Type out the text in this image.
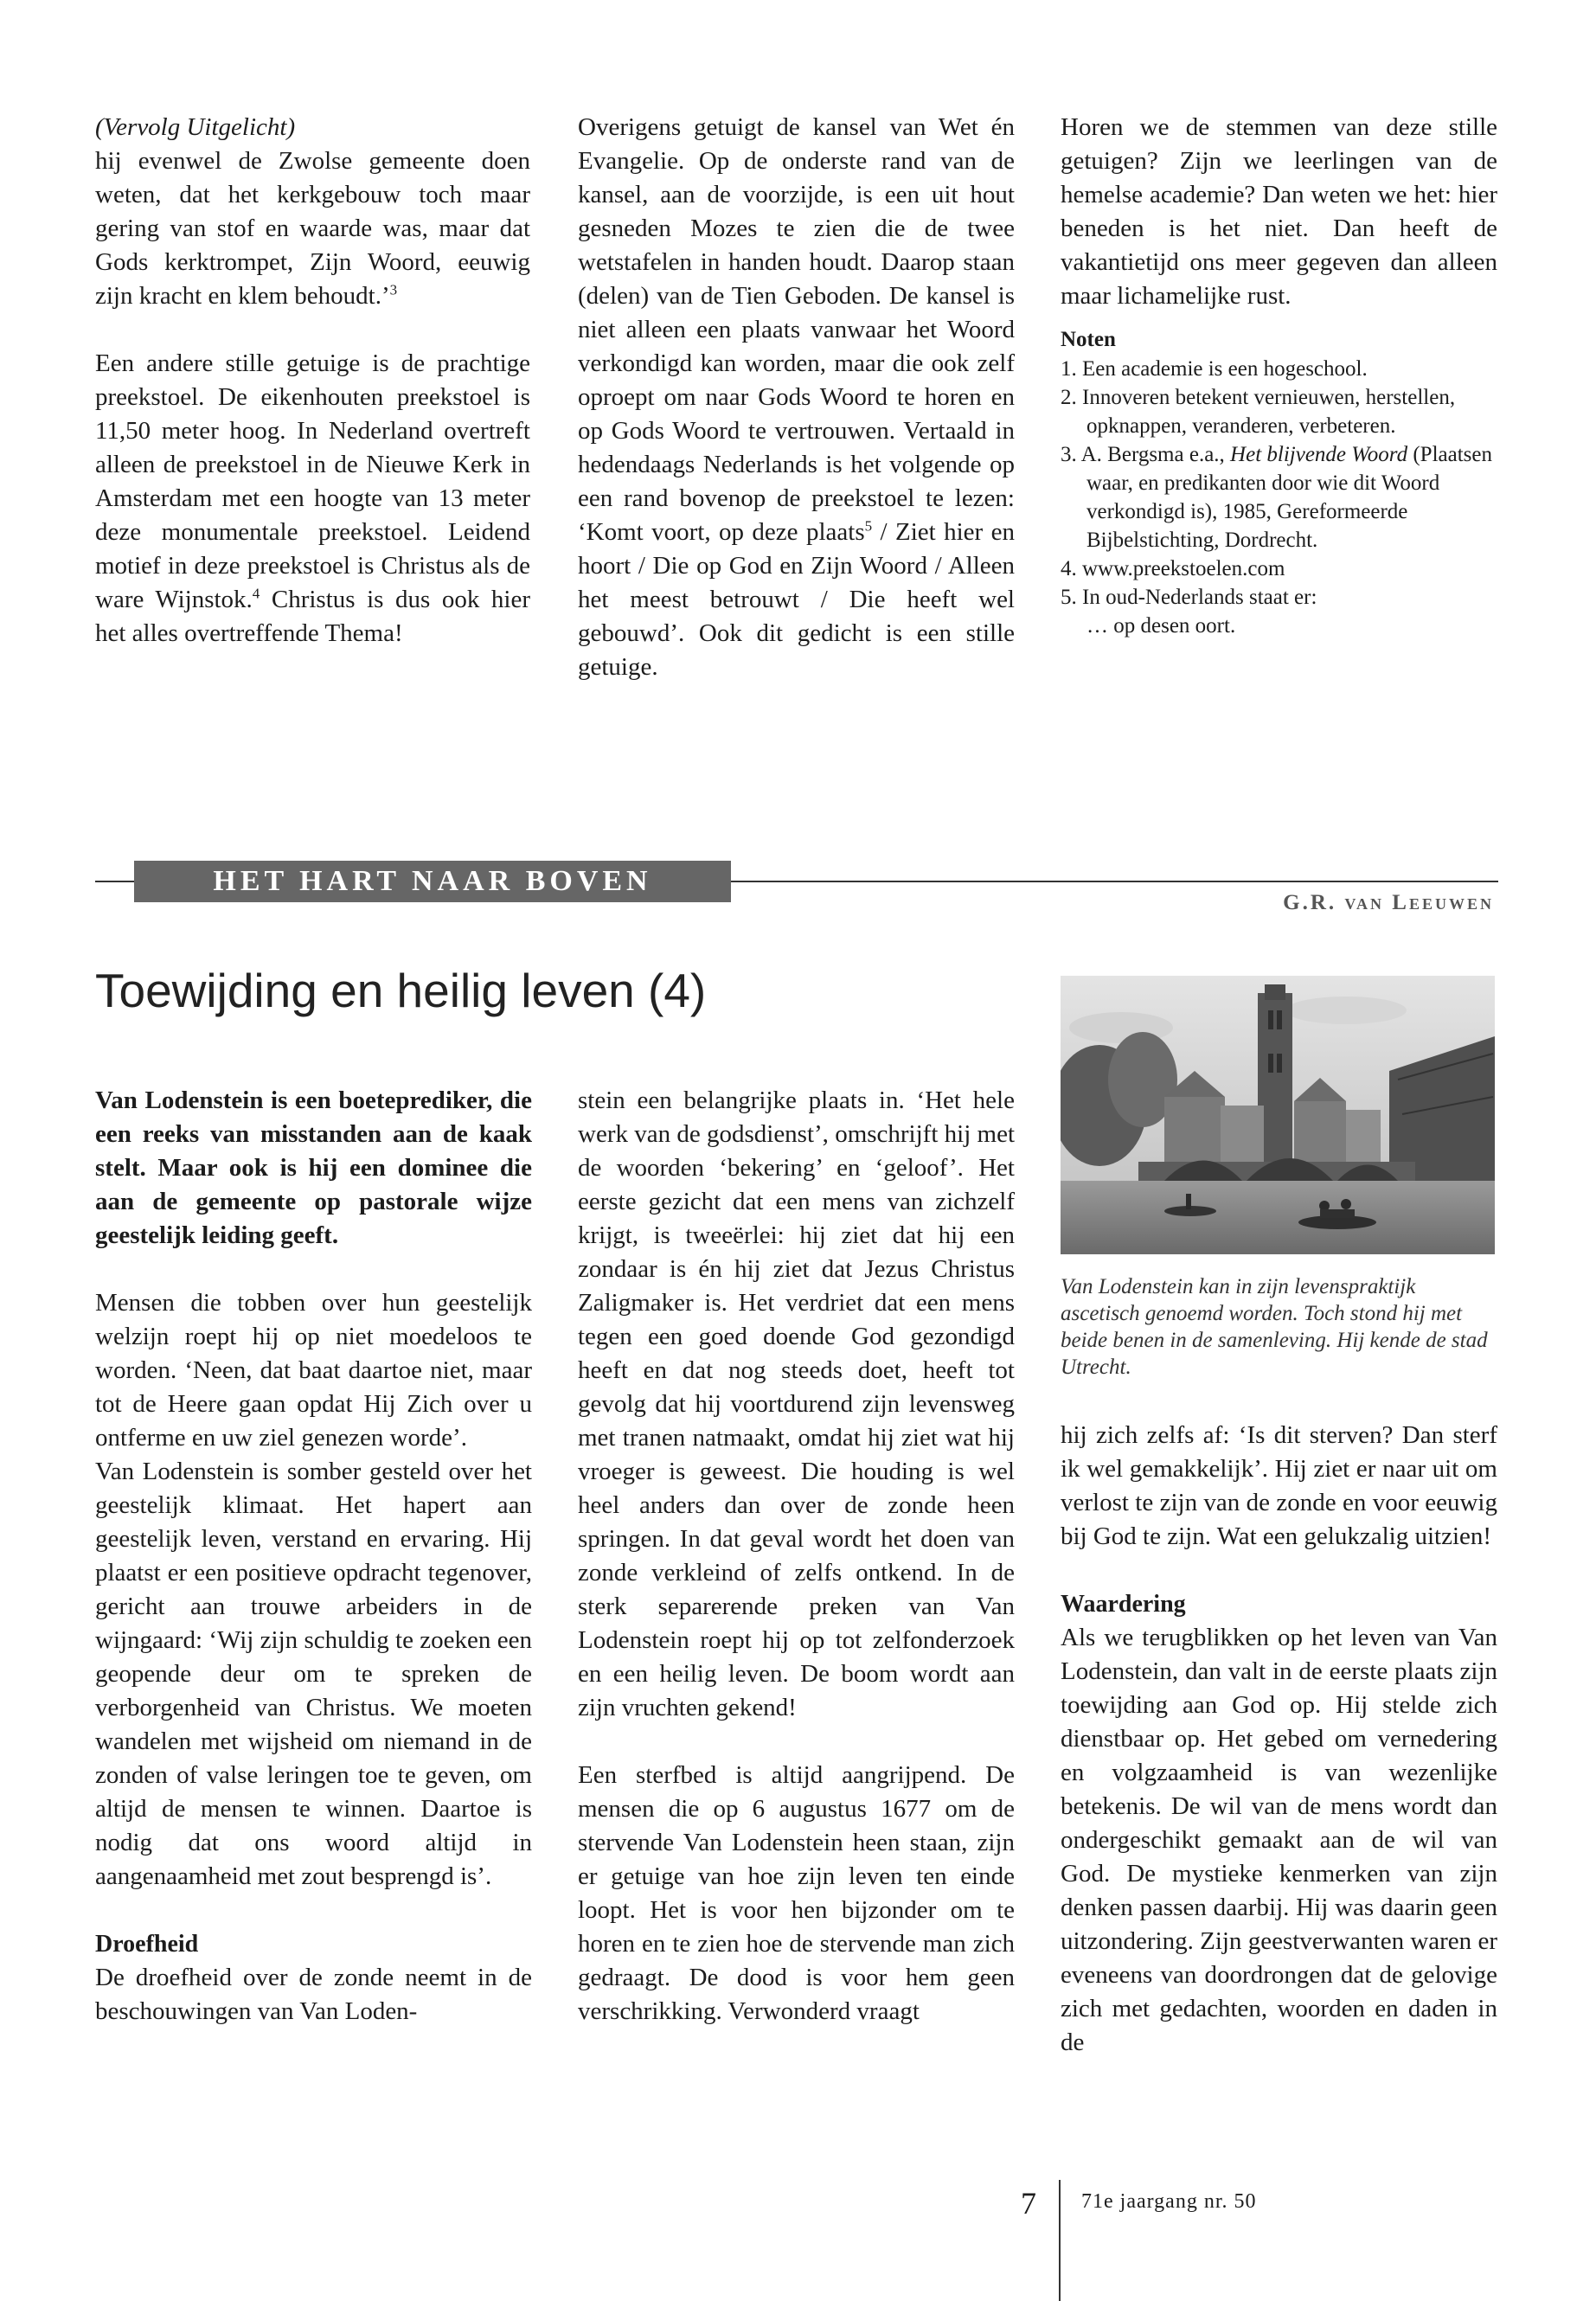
(Vervolg Uitgelicht)

hij evenwel de Zwolse gemeente doen weten, dat het kerkgebouw toch maar gering van stof en waarde was, maar dat Gods kerktrompet, Zijn Woord, eeuwig zijn kracht en klem behoudt.’$^3$

Een andere stille getuige is de prachtige preekstoel. De eikenhouten preekstoel is 11,50 meter hoog. In Nederland overtreft alleen de preekstoel in de Nieuwe Kerk in Amsterdam met een hoogte van 13 meter deze monumentale preekstoel. Leidend motief in deze preekstoel is Christus als de ware Wijnstok.$^4$ Christus is dus ook hier het alles overtreffende Thema!

Overigens getuigt de kansel van Wet én Evangelie. Op de onderste rand van de kansel, aan de voorzijde, is een uit hout gesneden Mozes te zien die de twee wetstafelen in handen houdt. Daarop staan (delen) van de Tien Geboden. De kansel is niet alleen een plaats vanwaar het Woord verkondigd kan worden, maar die ook zelf oproept om naar Gods Woord te horen en op Gods Woord te vertrouwen. Vertaald in hedendaags Nederlands is het volgende op een rand bovenop de preekstoel te lezen: ‘Komt voort, op deze plaats$^5$ / Ziet hier en hoort / Die op God en Zijn Woord / Alleen het meest betrouwt / Die heeft wel gebouwd’. Ook dit gedicht is een stille getuige.

Horen we de stemmen van deze stille getuigen? Zijn we leerlingen van de hemelse academie? Dan weten we het: hier beneden is het niet. Dan heeft de vakantietijd ons meer gegeven dan alleen maar lichamelijke rust.

Noten
1. Een academie is een hogeschool.
2. Innoveren betekent vernieuwen, herstellen, opknappen, veranderen, verbeteren.
3. A. Bergsma e.a., Het blijvende Woord (Plaatsen waar, en predikanten door wie dit Woord verkondigd is), 1985, Gereformeerde Bijbelstichting, Dordrecht.
4. www.preekstoelen.com
5. In oud-Nederlands staat er:
… op desen oort.
HET HART NAAR BOVEN
G.R. van Leeuwen
Toewijding en heilig leven (4)

Van Lodenstein is een boeteprediker, die een reeks van misstanden aan de kaak stelt. Maar ook is hij een dominee die aan de gemeente op pastorale wijze geestelijk leiding geeft.

Mensen die tobben over hun geestelijk welzijn roept hij op niet moedeloos te worden. ‘Neen, dat baat daartoe niet, maar tot de Heere gaan opdat Hij Zich over u ontferme en uw ziel genezen worde’.

Van Lodenstein is somber gesteld over het geestelijk klimaat. Het hapert aan geestelijk leven, verstand en ervaring. Hij plaatst er een positieve opdracht tegenover, gericht aan trouwe arbeiders in de wijngaard: ‘Wij zijn schuldig te zoeken een geopende deur om te spreken de verborgenheid van Christus. We moeten wandelen met wijsheid om niemand in de zonden of valse leringen toe te geven, om altijd de mensen te winnen. Daartoe is nodig dat ons woord altijd in aangenaamheid met zout besprengd is’.

Droefheid

De droefheid over de zonde neemt in de beschouwingen van Van Loden-

stein een belangrijke plaats in. ‘Het hele werk van de godsdienst’, omschrijft hij met de woorden ‘bekering’ en ‘geloof’. Het eerste gezicht dat een mens van zichzelf krijgt, is tweeërlei: hij ziet dat hij een zondaar is én hij ziet dat Jezus Christus Zaligmaker is. Het verdriet dat een mens tegen een goed doende God gezondigd heeft en dat nog steeds doet, heeft tot gevolg dat hij voortdurend zijn levensweg met tranen natmaakt, omdat hij ziet wat hij vroeger is geweest. Die houding is wel heel anders dan over de zonde heen springen. In dat geval wordt het doen van zonde verkleind of zelfs ontkend. In de sterk separerende preken van Van Lodenstein roept hij op tot zelfonderzoek en een heilig leven. De boom wordt aan zijn vruchten gekend!

Een sterfbed is altijd aangrijpend. De mensen die op 6 augustus 1677 om de stervende Van Lodenstein heen staan, zijn er getuige van hoe zijn leven ten einde loopt. Het is voor hen bijzonder om te horen en te zien hoe de stervende man zich gedraagt. De dood is voor hem geen verschrikking. Verwonderd vraagt

Van Lodenstein kan in zijn levenspraktijk ascetisch genoemd worden. Toch stond hij met beide benen in de samenleving. Hij kende de stad Utrecht.

hij zich zelfs af: ‘Is dit sterven? Dan sterf ik wel gemakkelijk’. Hij ziet er naar uit om verlost te zijn van de zonde en voor eeuwig bij God te zijn. Wat een gelukzalig uitzien!

Waardering

Als we terugblikken op het leven van Van Lodenstein, dan valt in de eerste plaats zijn toewijding aan God op. Hij stelde zich dienstbaar op. Het gebed om vernedering en volgzaamheid is van wezenlijke betekenis. De wil van de mens wordt dan ondergeschikt gemaakt aan de wil van God. De mystieke kenmerken van zijn denken passen daarbij. Hij was daarin geen uitzondering. Zijn geestverwanten waren er eveneens van doordrongen dat de gelovige zich met gedachten, woorden en daden in de

7 71e jaargang nr. 50
